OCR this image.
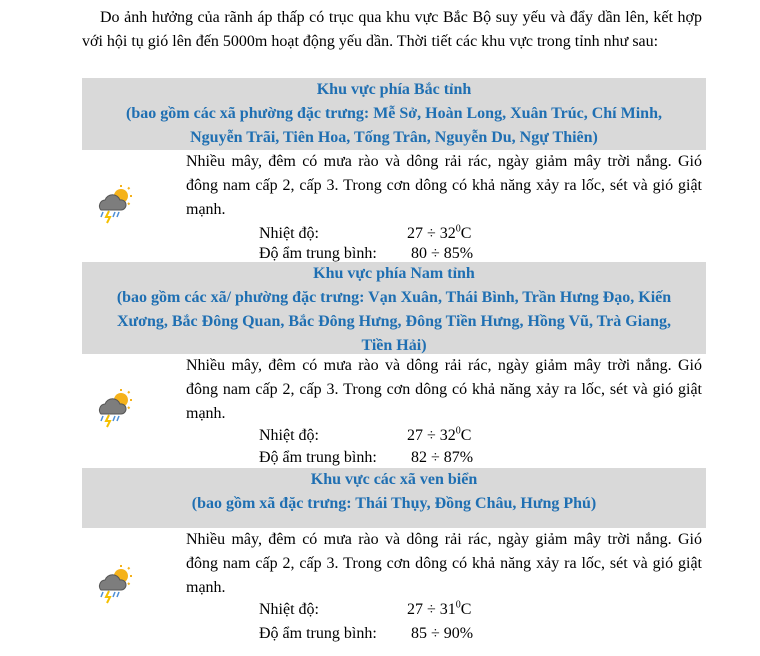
Do ảnh hưởng của rãnh áp thấp có trục qua khu vực Bắc Bộ suy yếu và đẩy dần lên, kết hợp với hội tụ gió lên đến 5000m hoạt động yếu dần. Thời tiết các khu vực trong tỉnh như sau:

Khu vực phía Bắc tỉnh
(bao gồm các xã phường đặc trưng: Mễ Sở, Hoàn Long, Xuân Trúc, Chí Minh,
Nguyễn Trãi, Tiên Hoa, Tống Trân, Nguyễn Du, Ngự Thiên)

Nhiều mây, đêm có mưa rào và dông rải rác, ngày giảm mây trời nắng. Gió đông nam cấp 2, cấp 3. Trong cơn dông có khả năng xảy ra lốc, sét và gió giật mạnh.

Nhiệt độ:	$27 \div 32^0C$
Độ ẩm trung bình: 80 ÷ 85%
Khu vực phía Nam tỉnh
(bao gồm các xã/ phường đặc trưng: Vạn Xuân, Thái Bình, Trần Hưng Đạo, Kiến
Xương, Bắc Đông Quan, Bắc Đông Hưng, Đông Tiền Hưng, Hồng Vũ, Trà Giang,
Tiền Hải)

Nhiều mây, đêm có mưa rào và dông rải rác, ngày giảm mây trời nắng. Gió đông nam cấp 2, cấp 3. Trong cơn dông có khả năng xảy ra lốc, sét và gió giật mạnh.

Nhiệt độ:	$27 \div 32^0C$
Độ ẩm trung bình: 82 ÷ 87%
Khu vực các xã ven biển
(bao gồm xã đặc trưng: Thái Thụy, Đồng Châu, Hưng Phú)

Nhiều mây, đêm có mưa rào và dông rải rác, ngày giảm mây trời nắng. Gió đông nam cấp 2, cấp 3. Trong cơn dông có khả năng xảy ra lốc, sét và gió giật mạnh.

Nhiệt độ:	$27 \div 31^0C$
Độ ẩm trung bình: 85 ÷ 90%
